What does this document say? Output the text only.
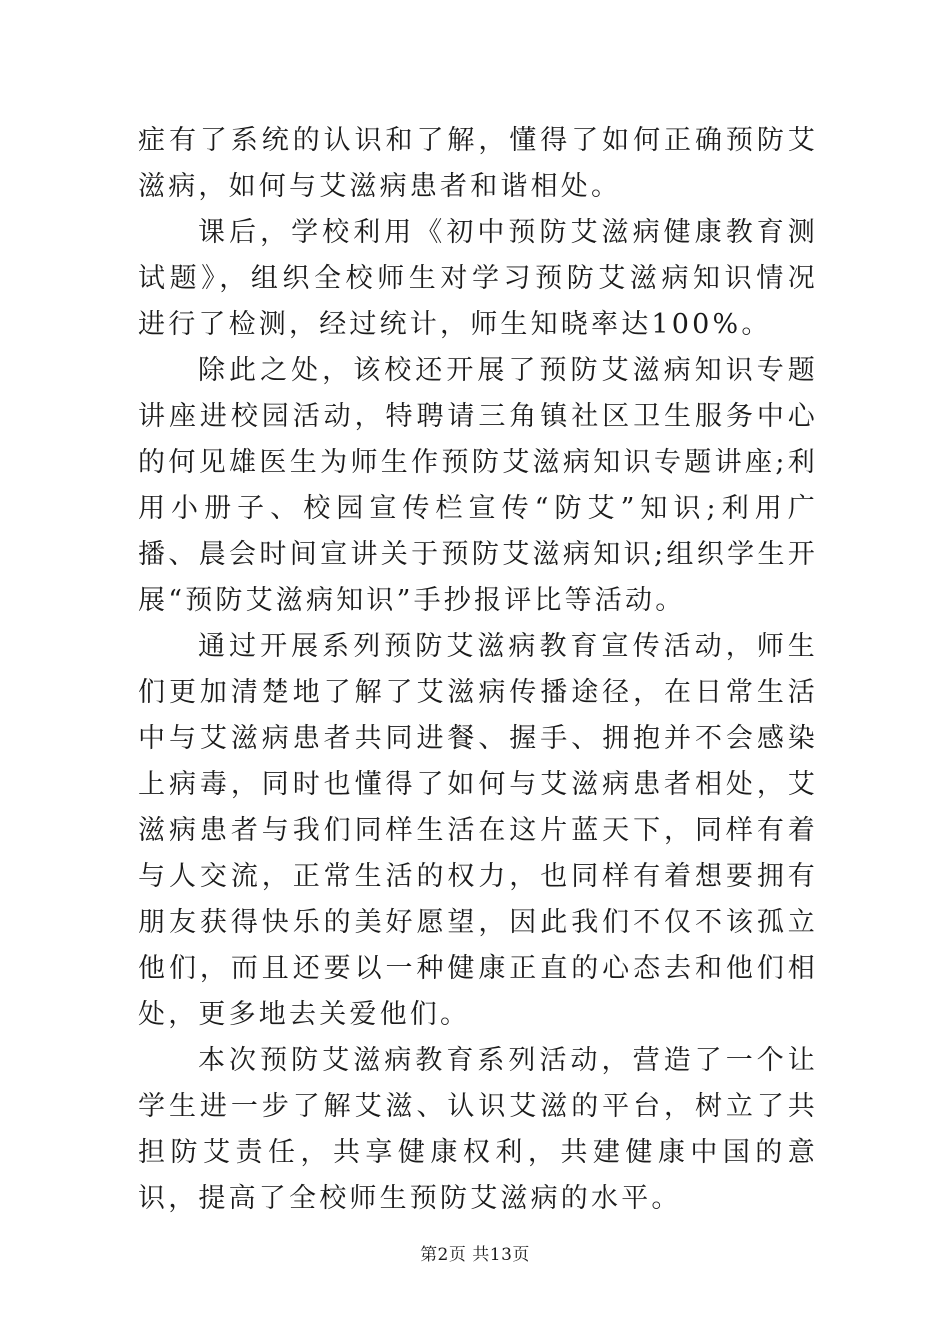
症有了系统的认识和了解，懂得了如何正确预防艾滋病，如何与艾滋病患者和谐相处。

课后，学校利用《初中预防艾滋病健康教育测试题》，组织全校师生对学习预防艾滋病知识情况进行了检测，经过统计，师生知晓率达100%。

除此之处，该校还开展了预防艾滋病知识专题讲座进校园活动，特聘请三角镇社区卫生服务中心的何见雄医生为师生作预防艾滋病知识专题讲座;利用小册子、校园宣传栏宣传“防艾”知识;利用广播、晨会时间宣讲关于预防艾滋病知识;组织学生开展“预防艾滋病知识”手抄报评比等活动。

通过开展系列预防艾滋病教育宣传活动，师生们更加清楚地了解了艾滋病传播途径，在日常生活中与艾滋病患者共同进餐、握手、拥抱并不会感染上病毒，同时也懂得了如何与艾滋病患者相处，艾滋病患者与我们同样生活在这片蓝天下，同样有着与人交流，正常生活的权力，也同样有着想要拥有朋友获得快乐的美好愿望，因此我们不仅不该孤立他们，而且还要以一种健康正直的心态去和他们相处，更多地去关爱他们。

本次预防艾滋病教育系列活动，营造了一个让学生进一步了解艾滋、认识艾滋的平台，树立了共担防艾责任，共享健康权利，共建健康中国的意识，提高了全校师生预防艾滋病的水平。

第2页 共13页
